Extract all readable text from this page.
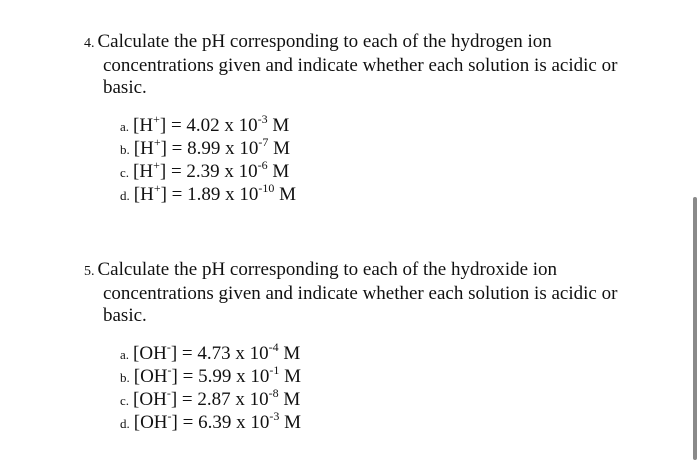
4. Calculate the pH corresponding to each of the hydrogen ion

concentrations given and indicate whether each solution is acidic or

basic.

a. [H+] = 4.02 x $10^{-3}$ M
b. [H+] = 8.99 x $10^{-7}$ M
c. [H+] = 2.39 x $10^{-6}$ M
d. [H+] = 1.89 x $10^{-10}$ M

5. Calculate the pH corresponding to each of the hydroxide ion

concentrations given and indicate whether each solution is acidic or

basic.

a. [OH-] = 4.73 x $10^{-4}$ M
b. [OH-] = 5.99 x $10^{-1}$ M
c. [OH-] = 2.87 x $10^{-8}$ M
d. [OH-] = 6.39 x $10^{-3}$ M
